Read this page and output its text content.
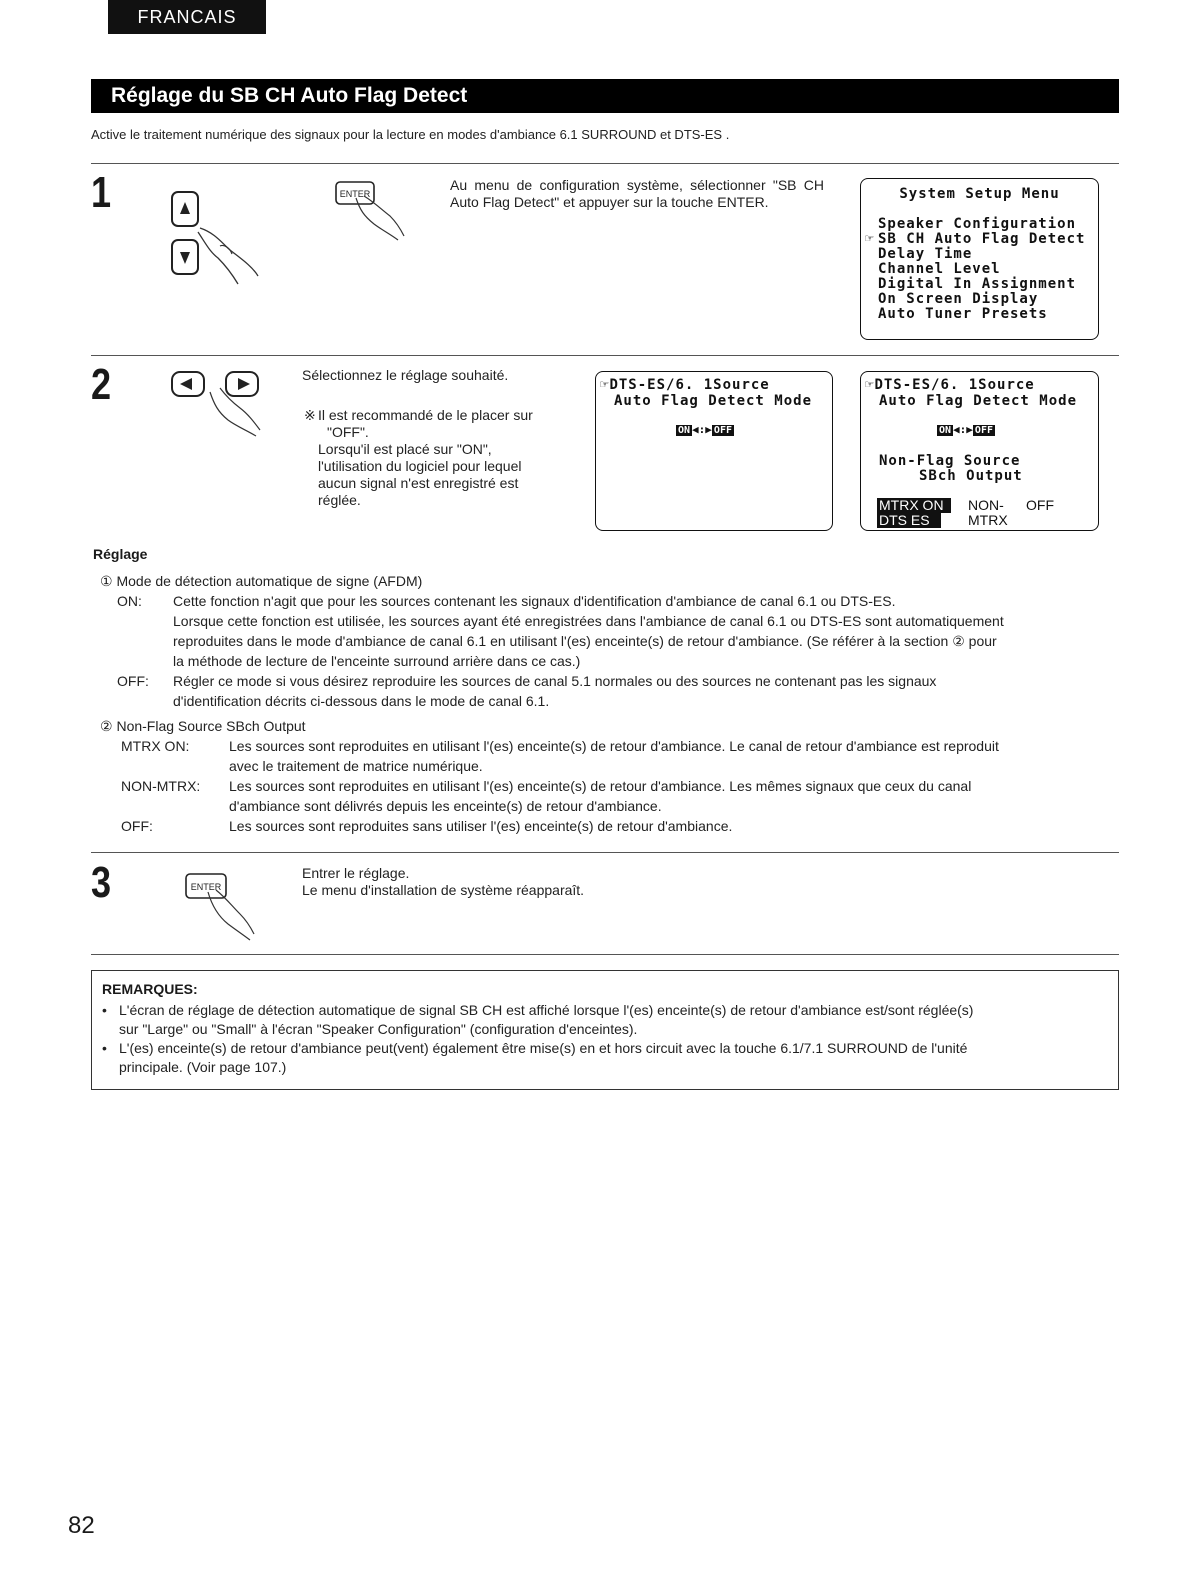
FRANCAIS
Réglage du SB CH Auto Flag Detect
Active le traitement numérique des signaux pour la lecture en modes d'ambiance 6.1 SURROUND et DTS-ES .
1	ENTER
Au menu de configuration système, sélectionner "SB CH Auto Flag Detect" et appuyer sur la touche ENTER.	System Setup Menu
Speaker Configuration
☞ SB CH Auto Flag Detect
Delay Time
Channel Level
Digital In Assignment
On Screen Display
Auto Tuner Presets
2	Sélectionnez le réglage souhaité.
※ Il est recommandé de le placer sur
"OFF".
Lorsqu'il est placé sur "ON",
l'utilisation du logiciel pour lequel
aucun signal n'est enregistré est
réglée.
☞DTS-ES/6. 1Source
Auto Flag Detect Mode
ON ◀:▶ OFF
☞DTS-ES/6. 1Source
Auto Flag Detect Mode
ON ◀:▶ OFF
Non-Flag Source
SBch Output
MTRX ON
DTS ES
NON-
MTRX
OFF
Réglage
① Mode de détection automatique de signe (AFDM)
ON: Cette fonction n'agit que pour les sources contenant les signaux d'identification d'ambiance de canal 6.1 ou DTS-ES.
Lorsque cette fonction est utilisée, les sources ayant été enregistrées dans l'ambiance de canal 6.1 ou DTS-ES sont automatiquement
reproduites dans le mode d'ambiance de canal 6.1 en utilisant l'(es) enceinte(s) de retour d'ambiance. (Se référer à la section ② pour
la méthode de lecture de l'enceinte surround arrière dans ce cas.)
OFF: Régler ce mode si vous désirez reproduire les sources de canal 5.1 normales ou des sources ne contenant pas les signaux
d'identification décrits ci-dessous dans le mode de canal 6.1.
② Non-Flag Source SBch Output
MTRX ON:	Les sources sont reproduites en utilisant l'(es) enceinte(s) de retour d'ambiance. Le canal de retour d'ambiance est reproduit
avec le traitement de matrice numérique.
NON-MTRX: Les sources sont reproduites en utilisant l'(es) enceinte(s) de retour d'ambiance. Les mêmes signaux que ceux du canal
d'ambiance sont délivrés depuis les enceinte(s) de retour d'ambiance.
OFF:	Les sources sont reproduites sans utiliser l'(es) enceinte(s) de retour d'ambiance.
3	ENTER
Entrer le réglage.
Le menu d'installation de système réapparaît.
REMARQUES:
• L'écran de réglage de détection automatique de signal SB CH est affiché lorsque l'(es) enceinte(s) de retour d'ambiance est/sont réglée(s)
sur "Large" ou "Small" à l'écran "Speaker Configuration" (configuration d'enceintes).
• L'(es) enceinte(s) de retour d'ambiance peut(vent) également être mise(s) en et hors circuit avec la touche 6.1/7.1 SURROUND de l'unité
principale. (Voir page 107.)
82
